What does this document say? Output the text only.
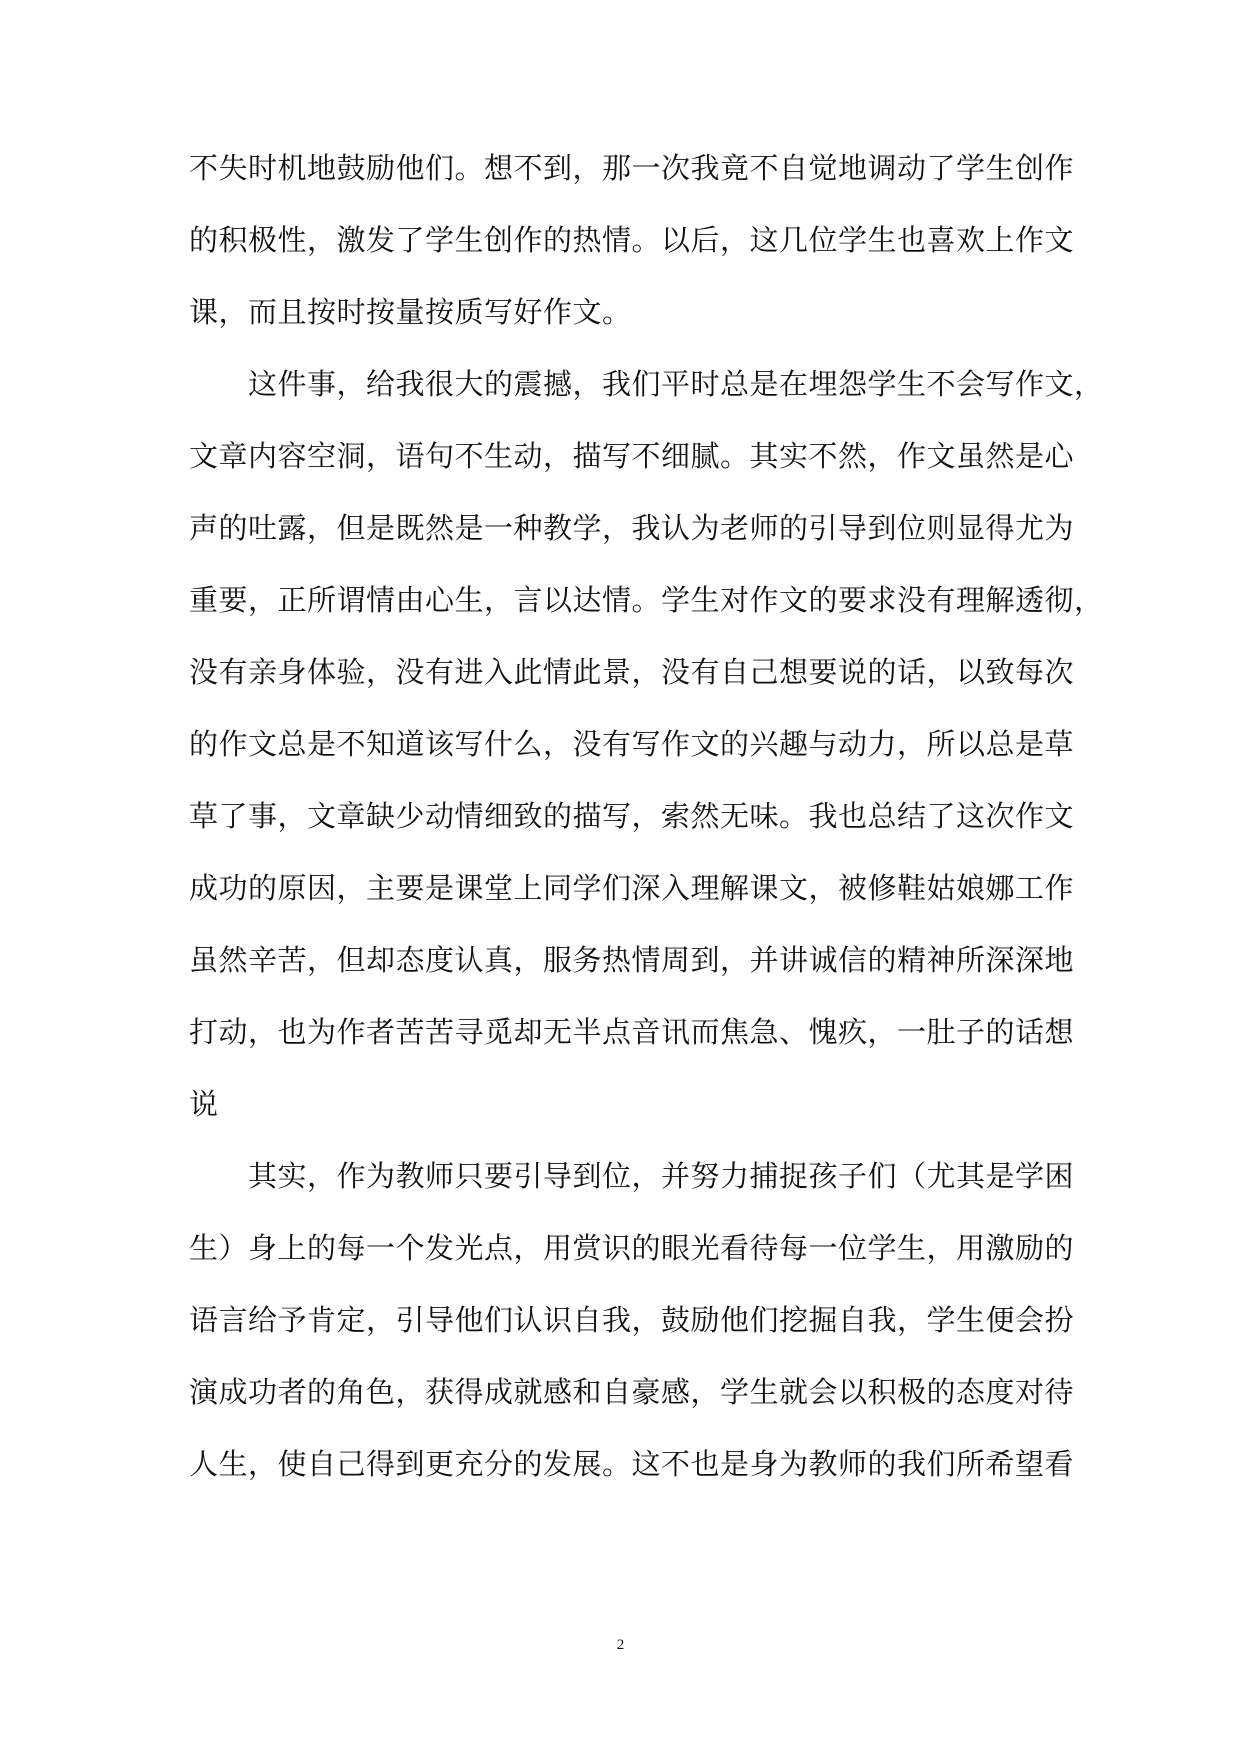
不失时机地鼓励他们。想不到，那一次我竟不自觉地调动了学生创作
的积极性，激发了学生创作的热情。以后，这几位学生也喜欢上作文
课，而且按时按量按质写好作文。
　　这件事，给我很大的震撼，我们平时总是在埋怨学生不会写作文，
文章内容空洞，语句不生动，描写不细腻。其实不然，作文虽然是心
声的吐露，但是既然是一种教学，我认为老师的引导到位则显得尤为
重要，正所谓情由心生，言以达情。学生对作文的要求没有理解透彻，
没有亲身体验，没有进入此情此景，没有自己想要说的话，以致每次
的作文总是不知道该写什么，没有写作文的兴趣与动力，所以总是草
草了事，文章缺少动情细致的描写，索然无味。我也总结了这次作文
成功的原因，主要是课堂上同学们深入理解课文，被修鞋姑娘娜工作
虽然辛苦，但却态度认真，服务热情周到，并讲诚信的精神所深深地
打动，也为作者苦苦寻觅却无半点音讯而焦急、愧疚，一肚子的话想
说
　　其实，作为教师只要引导到位，并努力捕捉孩子们（尤其是学困
生）身上的每一个发光点，用赏识的眼光看待每一位学生，用激励的
语言给予肯定，引导他们认识自我，鼓励他们挖掘自我，学生便会扮
演成功者的角色，获得成就感和自豪感，学生就会以积极的态度对待
人生，使自己得到更充分的发展。这不也是身为教师的我们所希望看
2
